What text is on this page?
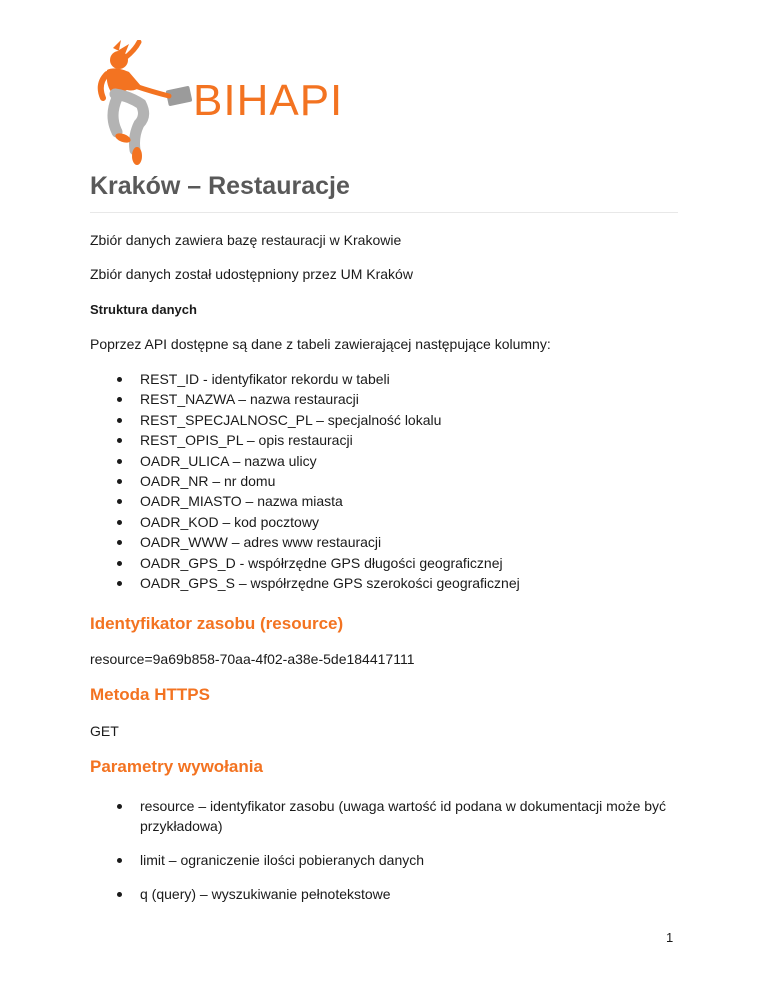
BIHAPI
Kraków – Restauracje

Zbiór danych zawiera bazę restauracji w Krakowie

Zbiór danych został udostępniony przez UM Kraków

Struktura danych

Poprzez API dostępne są dane z tabeli zawierającej następujące kolumny:

REST_ID - identyfikator rekordu w tabeli
REST_NAZWA – nazwa restauracji
REST_SPECJALNOSC_PL – specjalność lokalu
REST_OPIS_PL – opis restauracji
OADR_ULICA – nazwa ulicy
OADR_NR – nr domu
OADR_MIASTO – nazwa miasta
OADR_KOD – kod pocztowy
OADR_WWW – adres www restauracji
OADR_GPS_D - współrzędne GPS długości geograficznej
OADR_GPS_S – współrzędne GPS szerokości geograficznej
Identyfikator zasobu (resource)

resource=9a69b858-70aa-4f02-a38e-5de184417111

Metoda HTTPS

GET

Parametry wywołania
resource – identyfikator zasobu (uwaga wartość id podana w dokumentacji może być przykładowa)
limit – ograniczenie ilości pobieranych danych
q (query) – wyszukiwanie pełnotekstowe
1
